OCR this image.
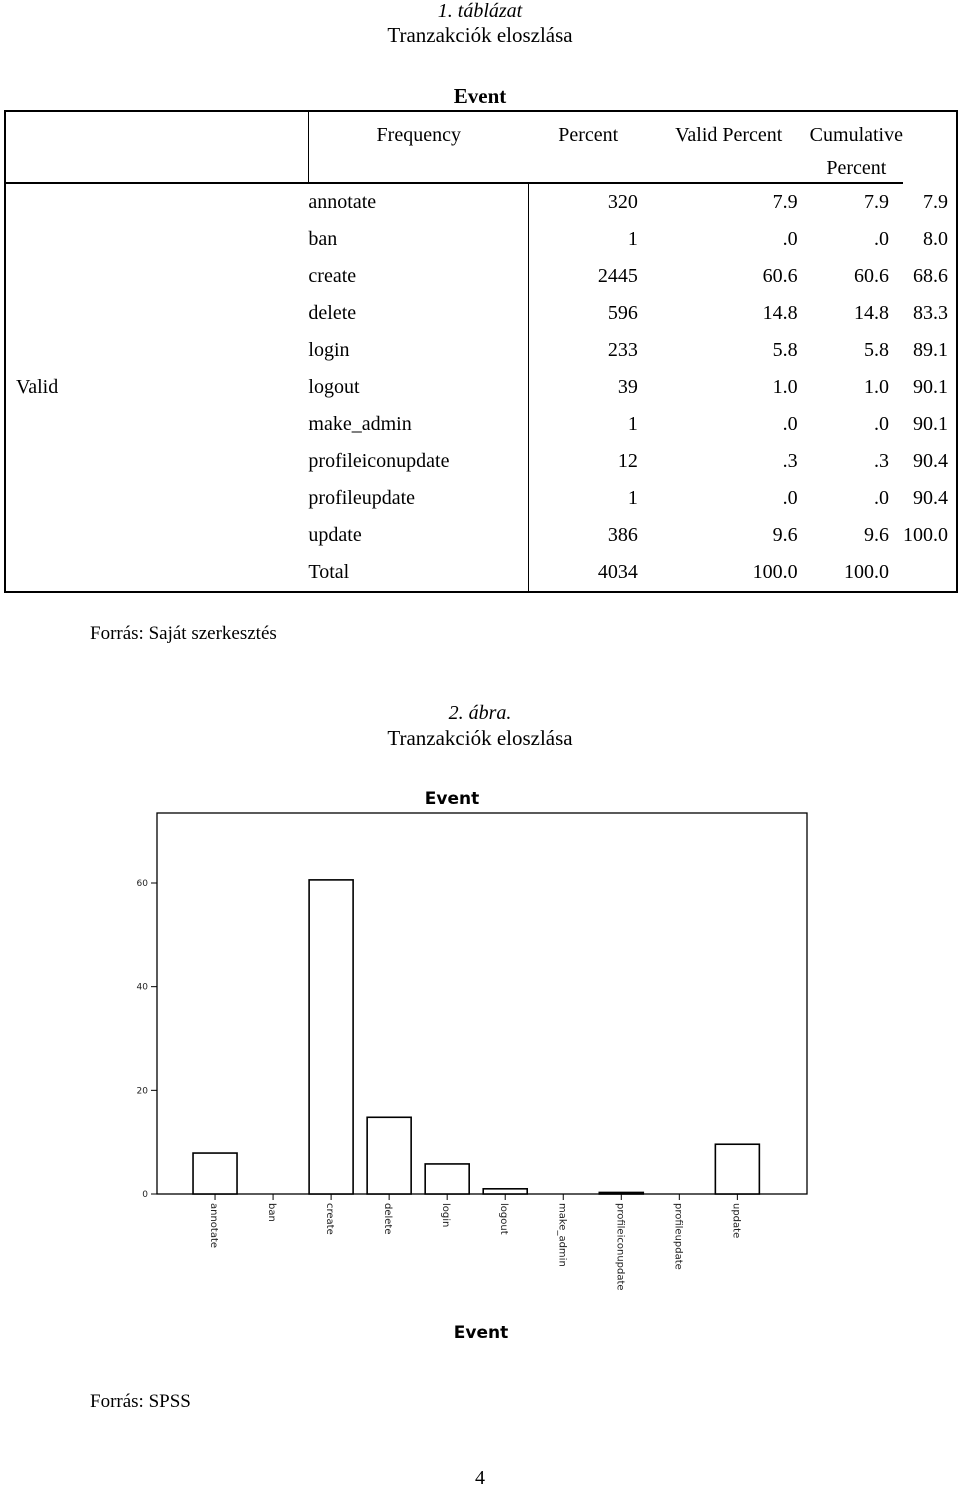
1. táblázat
Tranzakciók eloszlása
Event
	Frequency	Percent	Valid Percent	Cumulative
Percent	

Valid	annotate	320	7.9	7.9	7.9
	ban	1	.0	.0	8.0
	create	2445	60.6	60.6	68.6
	delete	596	14.8	14.8	83.3
	login	233	5.8	5.8	89.1
	logout	39	1.0	1.0	90.1
	make_admin	1	.0	.0	90.1
	profileiconupdate	12	.3	.3	90.4
	profileupdate	1	.0	.0	90.4
	update	386	9.6	9.6	100.0
	Total	4034	100.0	100.0	
Forrás: Saját szerkesztés
2. ábra.
Tranzakciók eloszlása
Event
Event
0
20
40
60
annotate	ban	create	delete	login	logout	make_admin	profileiconupdate	profileupdate	update
Forrás: SPSS
4
